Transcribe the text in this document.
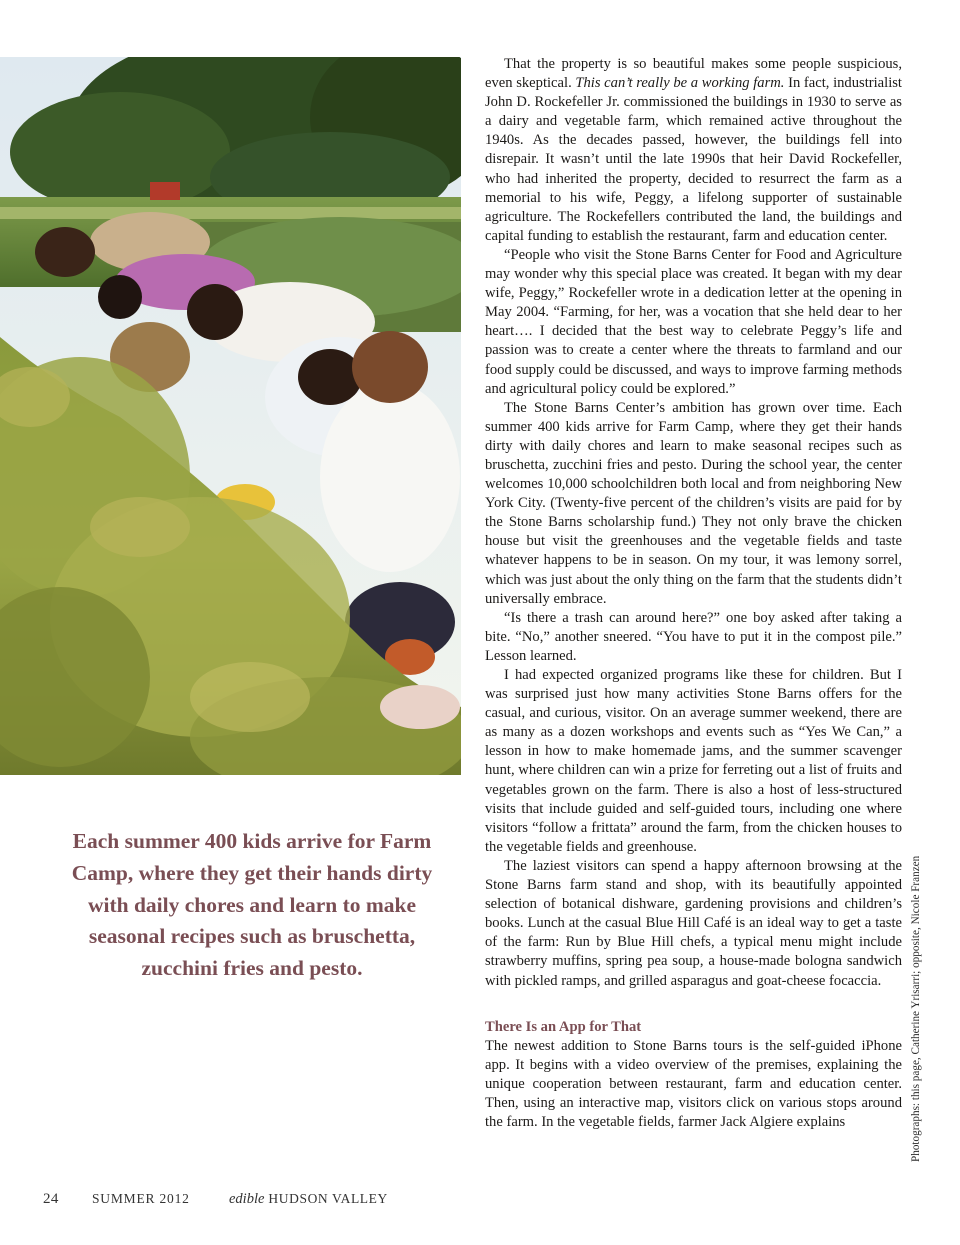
Each summer 400 kids arrive for Farm Camp, where they get their hands dirty with daily chores and learn to make seasonal recipes such as bruschetta, zucchini fries and pesto.

That the property is so beautiful makes some people suspicious, even skeptical. This can’t really be a working farm. In fact, industrialist John D. Rockefeller Jr. commissioned the buildings in 1930 to serve as a dairy and vegetable farm, which remained active throughout the 1940s. As the decades passed, however, the buildings fell into disrepair. It wasn’t until the late 1990s that heir David Rockefeller, who had inherited the property, decided to resurrect the farm as a memorial to his wife, Peggy, a lifelong supporter of sustainable agriculture. The Rockefellers contributed the land, the buildings and capital funding to establish the restaurant, farm and education center.

“People who visit the Stone Barns Center for Food and Agriculture may wonder why this special place was created. It began with my dear wife, Peggy,” Rockefeller wrote in a dedication letter at the opening in May 2004. “Farming, for her, was a vocation that she held dear to her heart…. I decided that the best way to celebrate Peggy’s life and passion was to create a center where the threats to farmland and our food supply could be discussed, and ways to improve farming methods and agricultural policy could be explored.”

The Stone Barns Center’s ambition has grown over time. Each summer 400 kids arrive for Farm Camp, where they get their hands dirty with daily chores and learn to make seasonal recipes such as bruschetta, zucchini fries and pesto. During the school year, the center welcomes 10,000 schoolchildren both local and from neighboring New York City. (Twenty-five percent of the children’s visits are paid for by the Stone Barns scholarship fund.) They not only brave the chicken house but visit the greenhouses and the vegetable fields and taste whatever happens to be in season. On my tour, it was lemony sorrel, which was just about the only thing on the farm that the students didn’t universally embrace.

“Is there a trash can around here?” one boy asked after taking a bite. “No,” another sneered. “You have to put it in the compost pile.” Lesson learned.

I had expected organized programs like these for children. But I was surprised just how many activities Stone Barns offers for the casual, and curious, visitor. On an average summer weekend, there are as many as a dozen workshops and events such as “Yes We Can,” a lesson in how to make homemade jams, and the summer scavenger hunt, where children can win a prize for ferreting out a list of fruits and vegetables grown on the farm. There is also a host of less-structured visits that include guided and self-guided tours, including one where visitors “follow a frittata” around the farm, from the chicken houses to the vegetable fields and greenhouse.

The laziest visitors can spend a happy afternoon browsing at the Stone Barns farm stand and shop, with its beautifully appointed selection of botanical dishware, gardening provisions and children’s books. Lunch at the casual Blue Hill Café is an ideal way to get a taste of the farm: Run by Blue Hill chefs, a typical menu might include strawberry muffins, spring pea soup, a house-made bologna sandwich with pickled ramps, and grilled asparagus and goat-cheese focaccia.

There Is an App for That

The newest addition to Stone Barns tours is the self-guided iPhone app. It begins with a video overview of the premises, explaining the unique cooperation between restaurant, farm and education center. Then, using an interactive map, visitors click on various stops around the farm. In the vegetable fields, farmer Jack Algiere explains	Photographs: this page, Catherine Yrisarri; opposite, Nicole Franzen
24 SUMMER 2012	edible HUDSON VALLEY
